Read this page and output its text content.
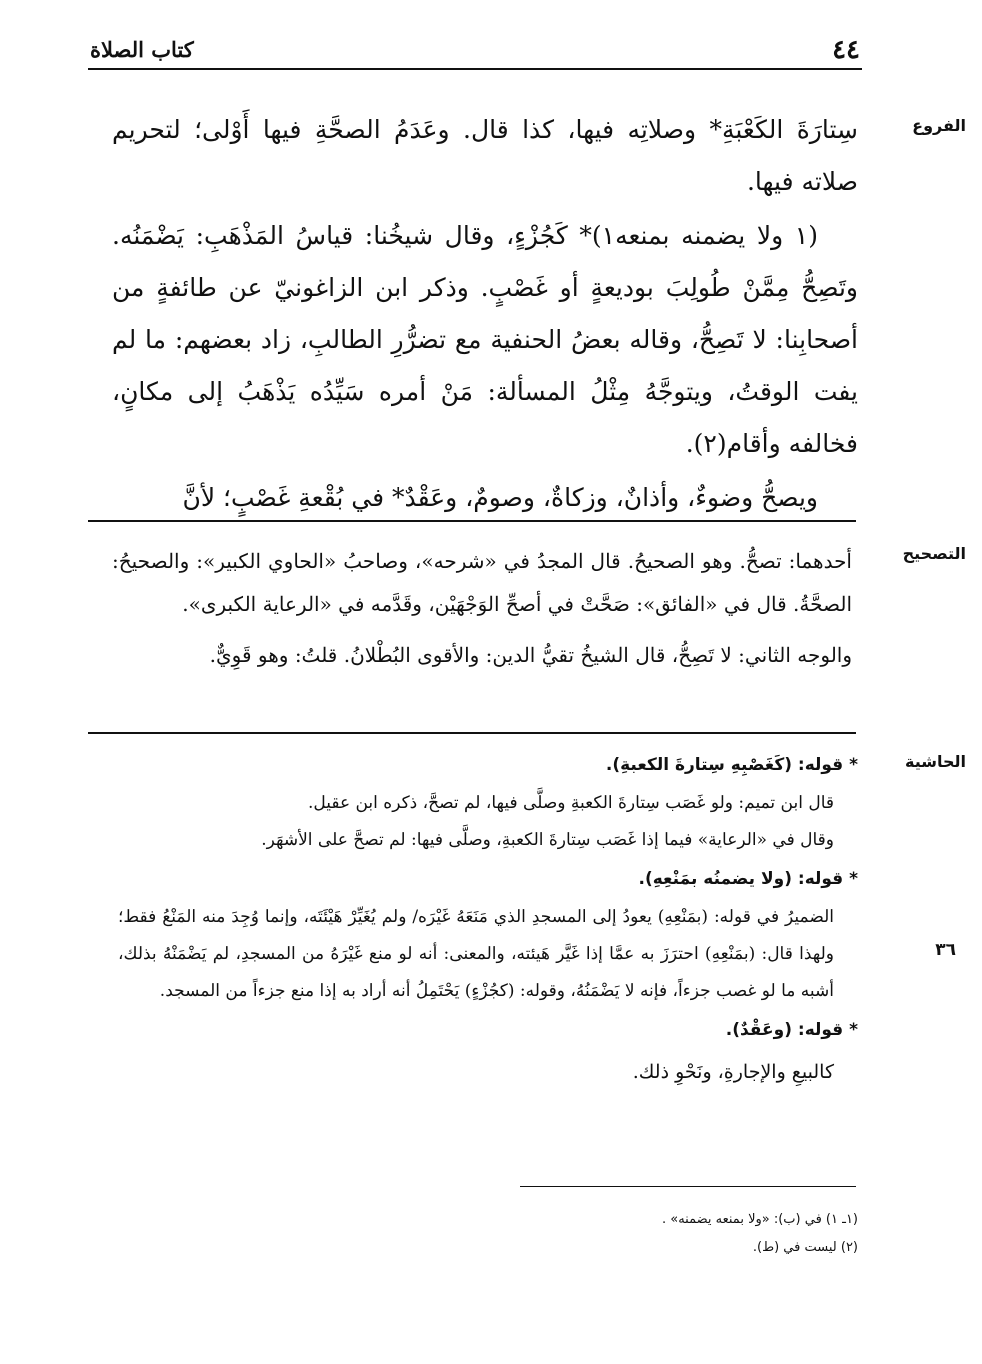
٤٤
كتاب الصلاة
الفروع

سِتارَةَ الكَعْبَةِ* وصلاتِه فيها، كذا قال. وعَدَمُ الصحَّةِ فيها أَوْلى؛ لتحريم صلاته فيها.

(١ ولا يضمنه بمنعه١)* كَجُزْءٍ، وقال شيخُنا: قياسُ المَذْهَبِ: يَضْمَنُه. وتَصِحُّ مِمَّنْ طُولِبَ بوديعةٍ أو غَصْبٍ. وذكر ابن الزاغونيّ عن طائفةٍ من أصحابِنا: لا تَصِحُّ، وقاله بعضُ الحنفية مع تضرُّرِ الطالبِ، زاد بعضهم: ما لم يفت الوقتُ، ويتوجَّهُ مِثْلُ المسألة: مَنْ أمره سَيِّدُه يَذْهَبُ إلى مكانٍ، فخالفه وأقام(٢).

ويصحُّ وضوءٌ، وأذانٌ، وزكاةٌ، وصومٌ، وعَقْدٌ* في بُقْعةِ غَصْبٍ؛ لأنَّ

التصحيح

أحدهما: تصحُّ. وهو الصحيحُ. قال المجدُ في «شرحه»، وصاحبُ «الحاوي الكبير»: والصحيحُ: الصحَّةُ. قال في «الفائق»: صَحَّتْ في أصحِّ الوَجْهَيْن، وقَدَّمه في «الرعاية الكبرى».

والوجه الثاني: لا تَصِحُّ، قال الشيخُ تقيُّ الدين: والأقوى البُطْلانُ. قلتُ: وهو قَوِيٌّ.

الحاشية
٣٦

* قوله: (كَغَصْبِهِ سِتارةَ الكعبةِ).

قال ابن تميم: ولو غَصَب سِتارةَ الكعبةِ وصلَّى فيها، لم تصحَّ، ذكره ابن عقيل.

وقال في «الرعاية» فيما إذا غَصَب سِتارةَ الكعبةِ، وصلَّى فيها: لم تصحَّ على الأشهَر.

* قوله: (ولا يضمنُه بمَنْعِهِ).

الضميرُ في قوله: (بمَنْعِهِ) يعودُ إلى المسجدِ الذي مَنَعَهُ غَيْرَه/ ولم يُغَيِّرْ هَيْئَتَه، وإنما وُجِدَ منه المَنْعُ فقط؛ ولهذا قال: (بمَنْعِهِ) احترَزَ به عمَّا إذا غَيَّر هَيئته، والمعنى: أنه لو منع غَيْرَهُ من المسجدِ، لم يَضْمَنْهُ بذلك، أشبه ما لو غصب جزءاً، فإنه لا يَضْمَنُهُ، وقوله: (كجُزْءٍ) يَحْتَمِلُ أنه أراد به إذا منع جزءاً من المسجد.

* قوله: (وعَقْدٌ).

كالبيعِ والإجارةِ، ونَحْوِ ذلك.

(١ـ ١) في (ب): «ولا بمنعه يضمنه» .

(٢) ليست في (ط).
